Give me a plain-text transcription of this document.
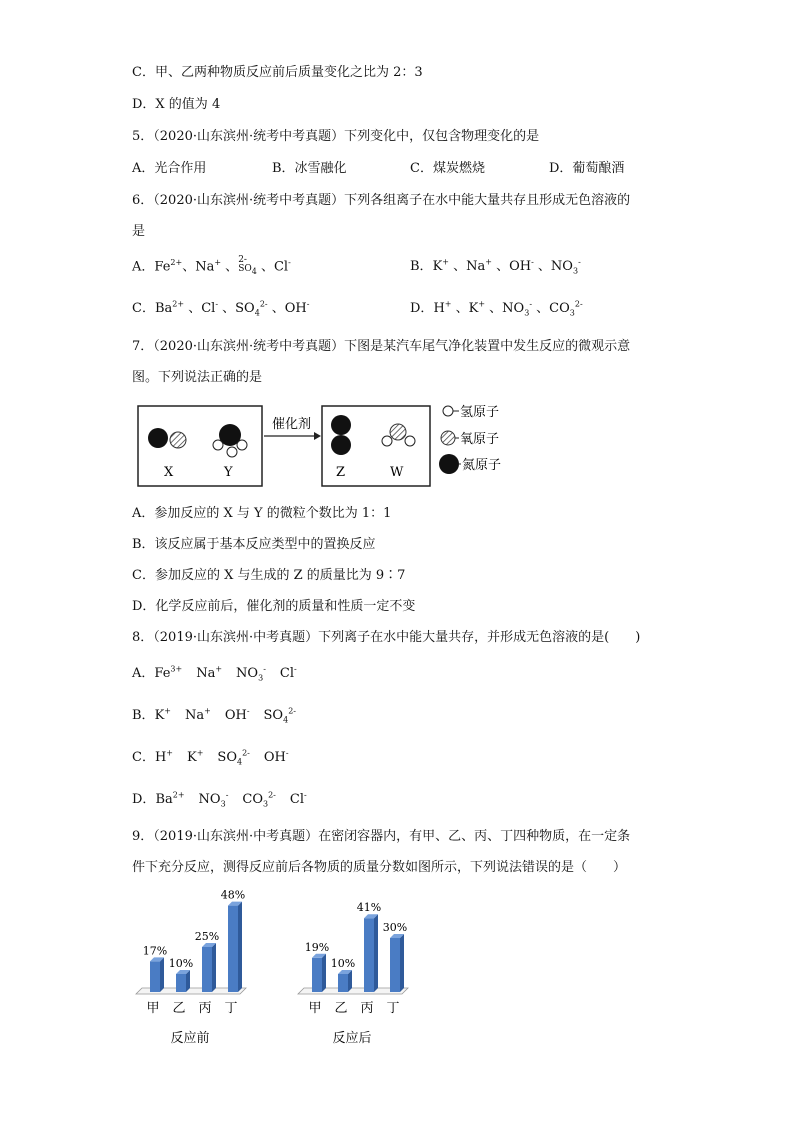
C．甲、乙两种物质反应前后质量变化之比为 2：3
D．X 的值为 4
5．（2020·山东滨州·统考中考真题）下列变化中，仅包含物理变化的是
A．光合作用	B．冰雪融化	C．煤炭燃烧	D．葡萄酿酒
6．（2020·山东滨州·统考中考真题）下列各组离子在水中能大量共存且形成无色溶液的
是
A．$Fe^{2+}$、Na+ 、 2-
$SO_4$ 、Cl-	B．K+ 、Na+ 、OH- 、$NO_3^-$
C．$Ba^{2+}$ 、Cl- 、$SO_4^{2-}$ 、OH-	D．H+ 、K+ 、$NO_3^-$ 、$CO_3^{2-}$
7．（2020·山东滨州·统考中考真题）下图是某汽车尾气净化装置中发生反应的微观示意
图。下列说法正确的是
X	Y
催化剂
Z	W
氢原子
氧原子
氮原子
A．参加反应的 X 与 Y 的微粒个数比为 1：1
B．该反应属于基本反应类型中的置换反应
C．参加反应的 X 与生成的 Z 的质量比为 9∶7
D．化学反应前后，催化剂的质量和性质一定不变
8．（2019·山东滨州·中考真题）下列离子在水中能大量共存，并形成无色溶液的是(　　)
A．$Fe^{3+}$ Na+ $NO_3^-$ Cl-
B．K+ Na+ OH- $SO_4^{2-}$
C．H+ K+ $SO_4^{2-}$ OH-
D．$Ba^{2+}$ $NO_3^-$ $CO_3^{2-}$ Cl-
9．（2019·山东滨州·中考真题）在密闭容器内，有甲、乙、丙、丁四种物质，在一定条
件下充分反应，测得反应前后各物质的质量分数如图所示，下列说法错误的是（　　）
17%
甲
10%
乙
25%
丙
48%
丁
反应前
19%
甲
10%
乙
41%
丙
30%
丁
反应后
